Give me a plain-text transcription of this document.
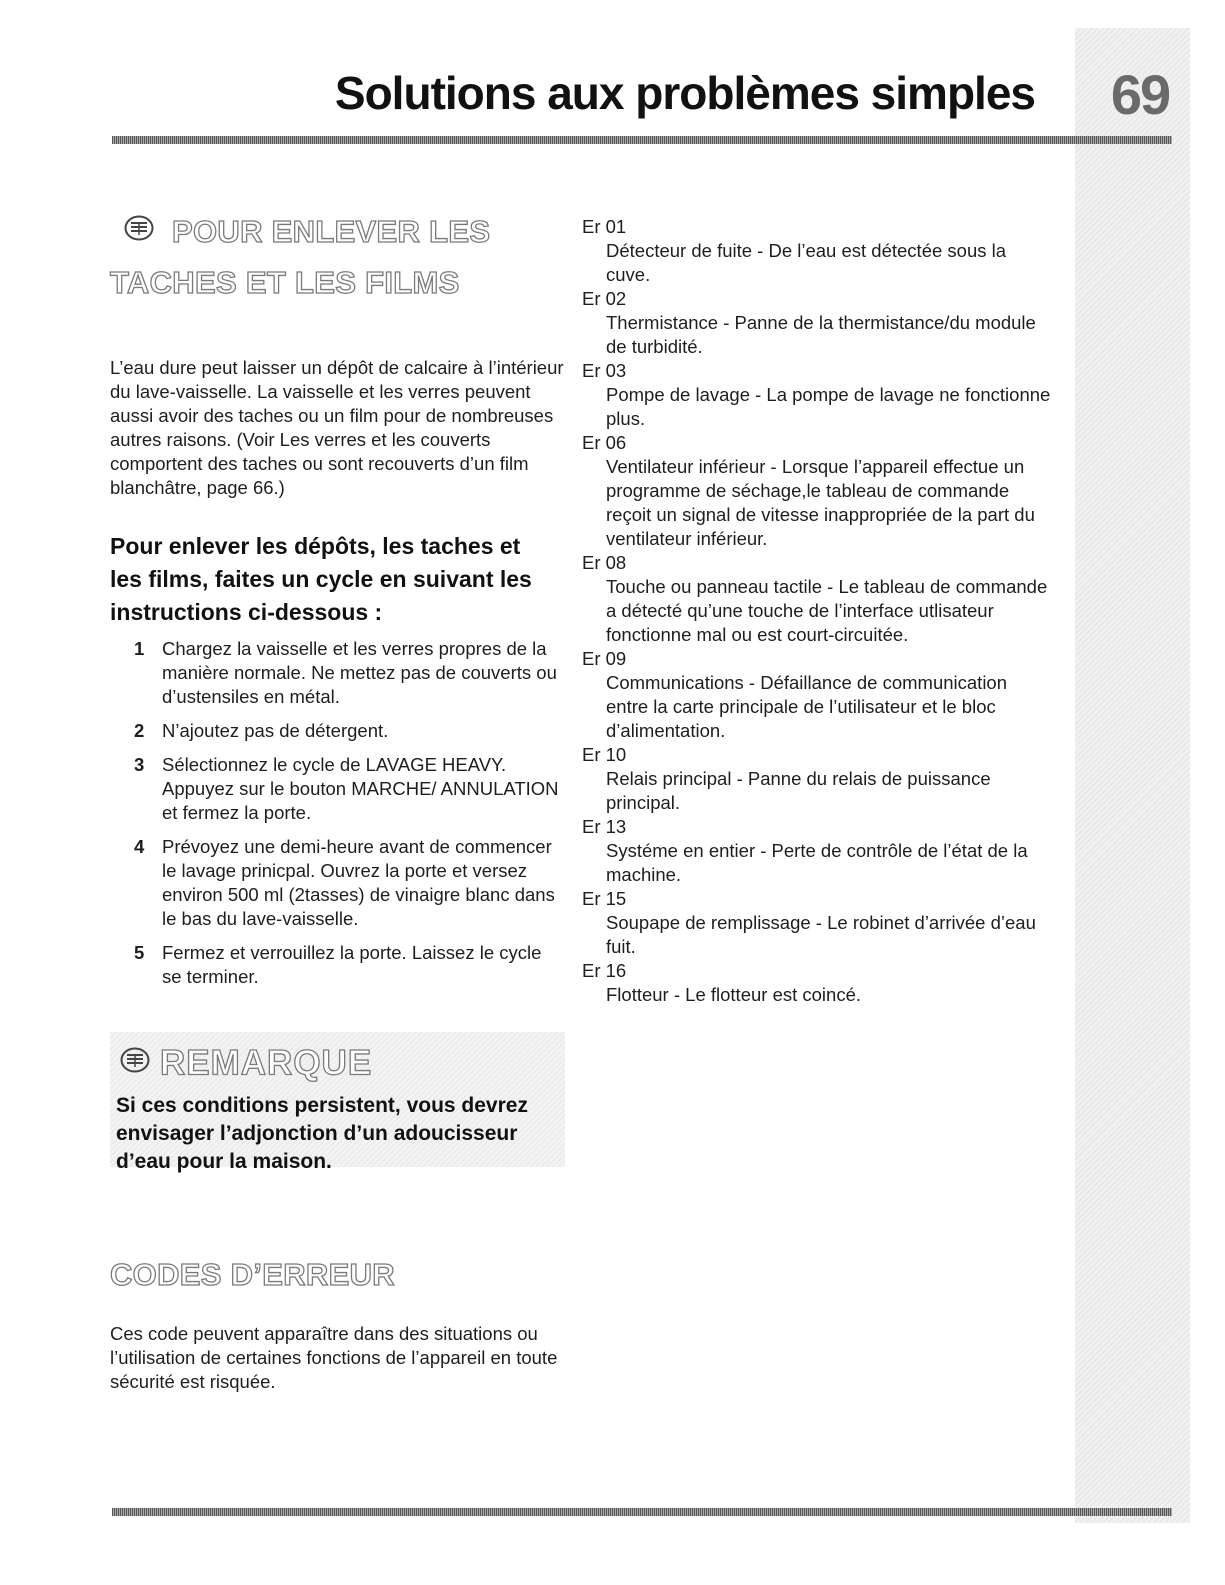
Solutions aux problèmes simples 69
POUR ENLEVER LES
TACHES ET LES FILMS

L’eau dure peut laisser un dépôt de calcaire à l’intérieur du lave-vaisselle. La vaisselle et les verres peuvent aussi avoir des taches ou un film pour de nombreuses autres raisons. (Voir Les verres et les couverts comportent des taches ou sont recouverts d’un film blanchâtre, page 66.)

Pour enlever les dépôts, les taches et
les films, faites un cycle en suivant les
instructions ci-dessous :
1 Chargez la vaisselle et les verres propres de la manière normale. Ne mettez pas de couverts ou d’ustensiles en métal.
2 N’ajoutez pas de détergent.
3 Sélectionnez le cycle de LAVAGE HEAVY. Appuyez sur le bouton MARCHE/ ANNULATION et fermez la porte.
4 Prévoyez une demi-heure avant de commencer le lavage prinicpal. Ouvrez la porte et versez environ 500 ml (2tasses) de vinaigre blanc dans le bas du lave-vaisselle.
5 Fermez et verrouillez la porte. Laissez le cycle se terminer.
REMARQUE

Si ces conditions persistent, vous devrez envisager l’adjonction d’un adoucisseur d’eau pour la maison.

CODES D’ERREUR

Ces code peuvent apparaître dans des situations ou l’utilisation de certaines fonctions de l’appareil en toute sécurité est risquée.

Er 01
Détecteur de fuite - De l’eau est détectée sous la cuve.
Er 02
Thermistance - Panne de la thermistance/du module de turbidité.
Er 03
Pompe de lavage - La pompe de lavage ne fonctionne plus.
Er 06
Ventilateur inférieur - Lorsque l’appareil effectue un programme de séchage,le tableau de commande reçoit un signal de vitesse inappropriée de la part du ventilateur inférieur.
Er 08
Touche ou panneau tactile - Le tableau de commande a détecté qu’une touche de l’interface utlisateur fonctionne mal ou est court-circuitée.
Er 09
Communications - Défaillance de communication entre la carte principale de l’utilisateur et le bloc d’alimentation.
Er 10
Relais principal - Panne du relais de puissance principal.
Er 13
Systéme en entier - Perte de contrôle de l’état de la machine.
Er 15
Soupape de remplissage - Le robinet d’arrivée d’eau fuit.
Er 16
Flotteur - Le flotteur est coincé.
